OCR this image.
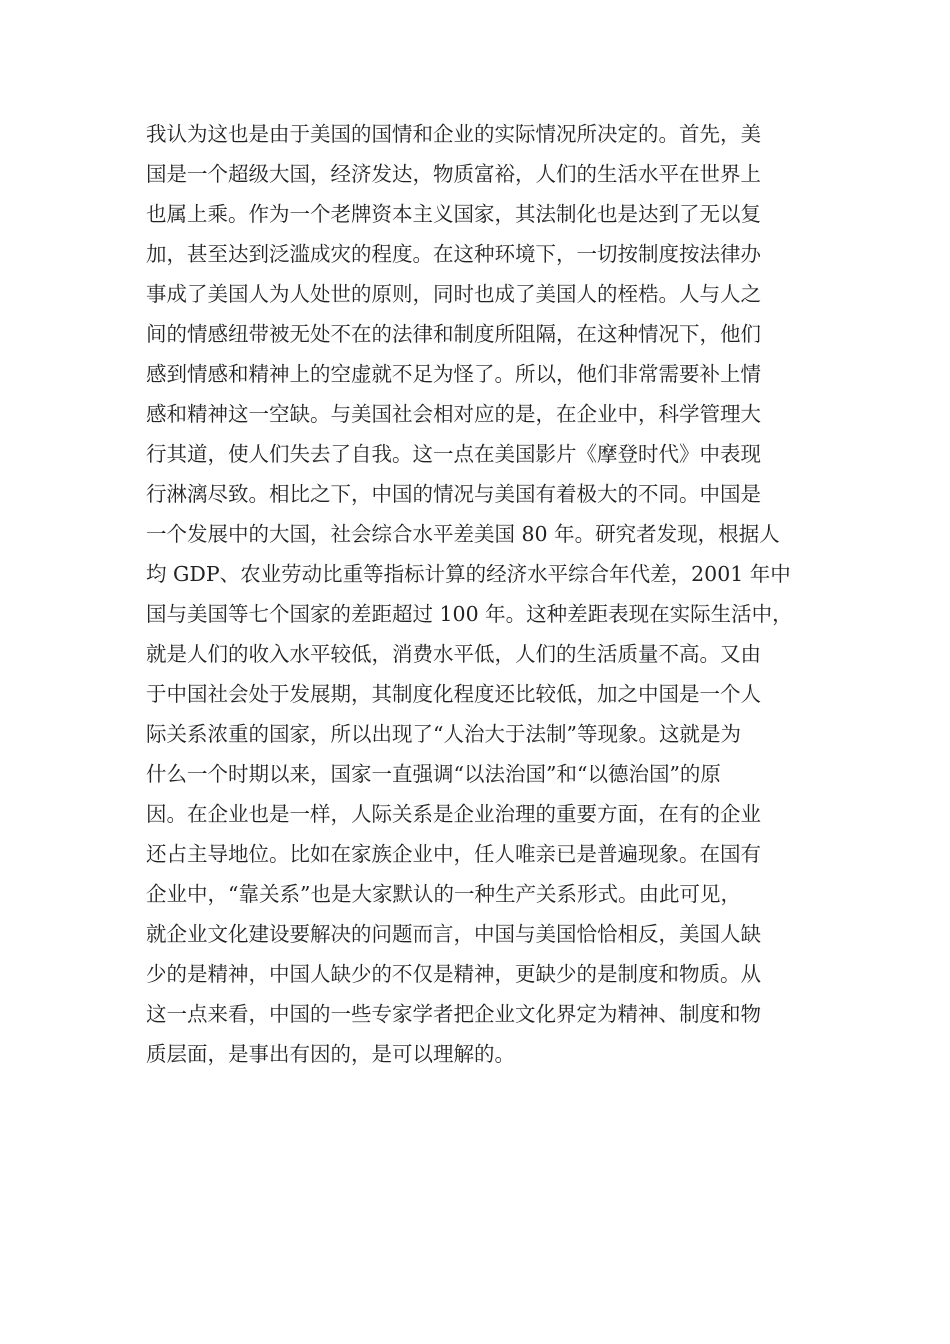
我认为这也是由于美国的国情和企业的实际情况所决定的。首先，美
国是一个超级大国，经济发达，物质富裕，人们的生活水平在世界上
也属上乘。作为一个老牌资本主义国家，其法制化也是达到了无以复
加，甚至达到泛滥成灾的程度。在这种环境下，一切按制度按法律办
事成了美国人为人处世的原则，同时也成了美国人的桎梏。人与人之
间的情感纽带被无处不在的法律和制度所阻隔，在这种情况下，他们
感到情感和精神上的空虚就不足为怪了。所以，他们非常需要补上情
感和精神这一空缺。与美国社会相对应的是，在企业中，科学管理大
行其道，使人们失去了自我。这一点在美国影片《摩登时代》中表现
行淋漓尽致。相比之下，中国的情况与美国有着极大的不同。中国是
一个发展中的大国，社会综合水平差美国 80 年。研究者发现，根据人
均 GDP、农业劳动比重等指标计算的经济水平综合年代差，2001 年中
国与美国等七个国家的差距超过 100 年。这种差距表现在实际生活中，
就是人们的收入水平较低，消费水平低，人们的生活质量不高。又由
于中国社会处于发展期，其制度化程度还比较低，加之中国是一个人
际关系浓重的国家，所以出现了“人治大于法制”等现象。这就是为
什么一个时期以来，国家一直强调“以法治国”和“以德治国”的原
因。在企业也是一样，人际关系是企业治理的重要方面，在有的企业
还占主导地位。比如在家族企业中，任人唯亲已是普遍现象。在国有
企业中，“靠关系”也是大家默认的一种生产关系形式。由此可见，
就企业文化建设要解决的问题而言，中国与美国恰恰相反，美国人缺
少的是精神，中国人缺少的不仅是精神，更缺少的是制度和物质。从
这一点来看，中国的一些专家学者把企业文化界定为精神、制度和物
质层面，是事出有因的，是可以理解的。
